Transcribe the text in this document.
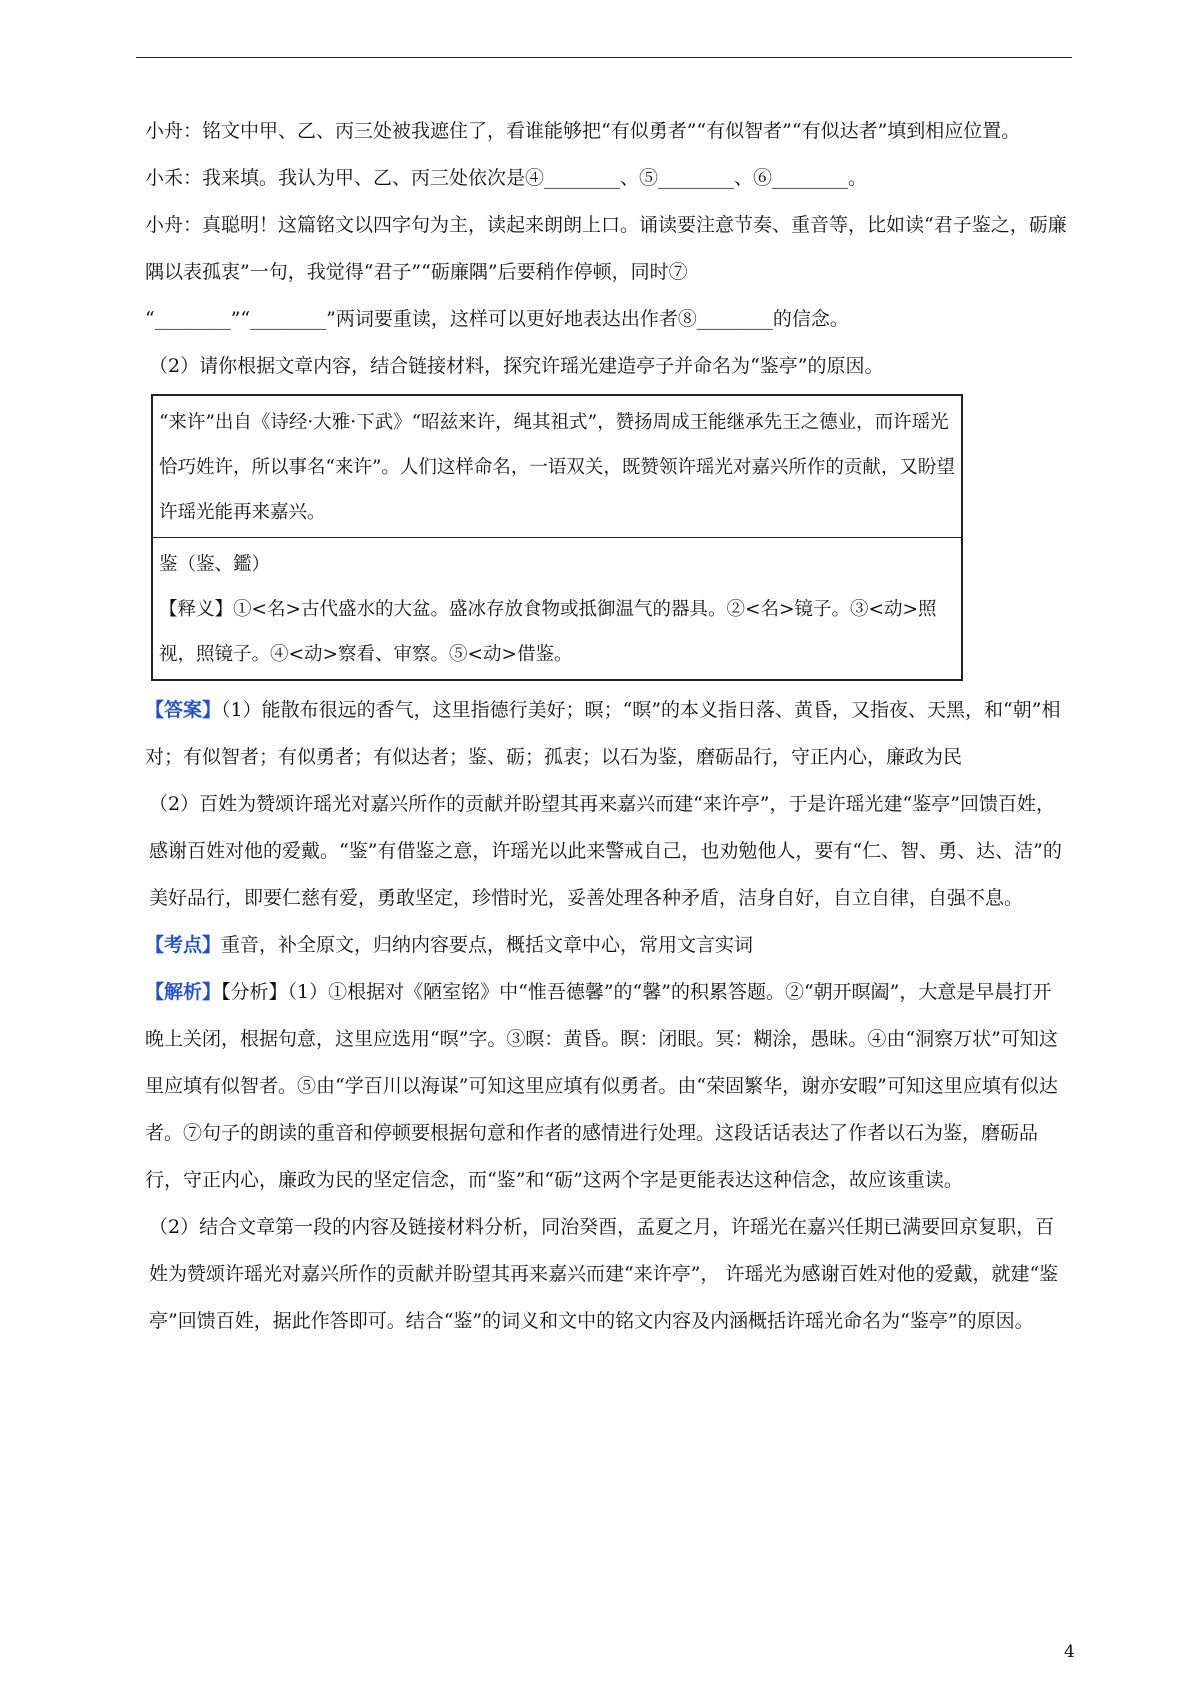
小舟：铭文中甲、乙、丙三处被我遮住了，看谁能够把“有似勇者”“有似智者”“有似达者”填到相应位置。

小禾：我来填。我认为甲、乙、丙三处依次是④________、⑤________、⑥________。

小舟：真聪明！这篇铭文以四字句为主，读起来朗朗上口。诵读要注意节奏、重音等，比如读“君子鉴之，砺廉隅以表孤衷”一句，我觉得“君子”“砺廉隅”后要稍作停顿，同时⑦

“________”“________”两词要重读，这样可以更好地表达出作者⑧________的信念。

（2）请你根据文章内容，结合链接材料，探究许瑶光建造亭子并命名为“鉴亭”的原因。

“来许”出自《诗经·大雅·下武》“昭兹来许，绳其祖式”，赞扬周成王能继承先王之德业，而许瑶光恰巧姓许，所以事名“来许”。人们这样命名，一语双关，既赞领许瑶光对嘉兴所作的贡献，又盼望许瑶光能再来嘉兴。
鉴（鉴、鑑）
【释义】①<名>古代盛水的大盆。盛冰存放食物或抵御温气的器具。②<名>镜子。③<动>照视，照镜子。④<动>察看、审察。⑤<动>借鉴。

【答案】（1）能散布很远的香气，这里指德行美好；暝；“暝”的本义指日落、黄昏，又指夜、天黑，和“朝”相对；有似智者；有似勇者；有似达者；鉴、砺；孤衷；以石为鉴，磨砺品行，守正内心，廉政为民

（2）百姓为赞颂许瑶光对嘉兴所作的贡献并盼望其再来嘉兴而建“来许亭”，于是许瑶光建“鉴亭”回馈百姓，感谢百姓对他的爱戴。“鉴”有借鉴之意，许瑶光以此来警戒自己，也劝勉他人，要有“仁、智、勇、达、洁”的美好品行，即要仁慈有爱，勇敢坚定，珍惜时光，妥善处理各种矛盾，洁身自好，自立自律，自强不息。

【考点】重音，补全原文，归纳内容要点，概括文章中心，常用文言实词

【解析】【分析】（1）①根据对《陋室铭》中“惟吾德馨”的“馨”的积累答题。②“朝开暝阖”，大意是早晨打开晚上关闭，根据句意，这里应选用“暝”字。③暝：黄昏。瞑：闭眼。冥：糊涂，愚昧。④由“洞察万状”可知这里应填有似智者。⑤由“学百川以海谋”可知这里应填有似勇者。由“荣固繁华，谢亦安暇”可知这里应填有似达者。⑦句子的朗读的重音和停顿要根据句意和作者的感情进行处理。这段话话表达了作者以石为鉴，磨砺品行，守正内心，廉政为民的坚定信念，而“鉴”和“砺”这两个字是更能表达这种信念，故应该重读。

（2）结合文章第一段的内容及链接材料分析，同治癸酉，孟夏之月，许瑶光在嘉兴任期已满要回京复职，百姓为赞颂许瑶光对嘉兴所作的贡献并盼望其再来嘉兴而建“来许亭”， 许瑶光为感谢百姓对他的爱戴，就建“鉴亭”回馈百姓，据此作答即可。结合“鉴”的词义和文中的铭文内容及内涵概括许瑶光命名为“鉴亭”的原因。

4
